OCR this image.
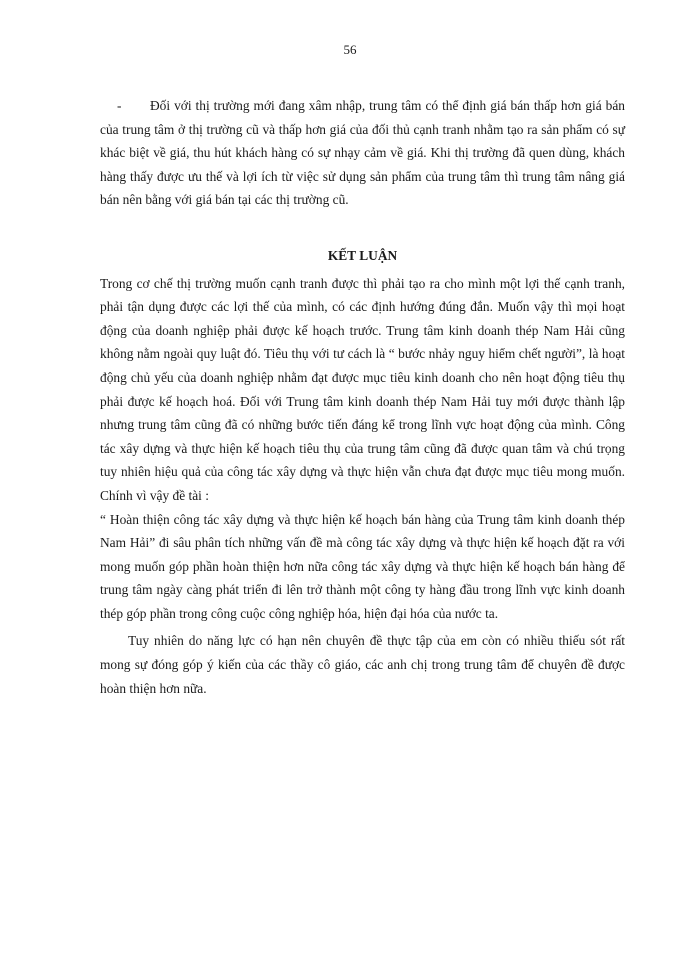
56

- Đối với thị trường mới đang xâm nhập, trung tâm có thể định giá bán thấp hơn giá bán của trung tâm ở thị trường cũ và thấp hơn giá của đối thủ cạnh tranh nhằm tạo ra sản phẩm có sự khác biệt về giá, thu hút khách hàng có sự nhạy cảm về giá. Khi thị trường đã quen dùng, khách hàng thấy được ưu thế và lợi ích từ việc sử dụng sản phẩm của trung tâm thì trung tâm nâng giá bán nên bằng với giá bán tại các thị trường cũ.

KẾT LUẬN

Trong cơ chế thị trường muốn cạnh tranh được thì phải tạo ra cho mình một lợi thế cạnh tranh, phải tận dụng được các lợi thế của mình, có các định hướng đúng đắn. Muốn vậy thì mọi hoạt động của doanh nghiệp phải được kế hoạch trước. Trung tâm kinh doanh thép Nam Hải cũng không nằm ngoài quy luật đó. Tiêu thụ với tư cách là “ bước nhảy nguy hiểm chết người”, là hoạt động chủ yếu của doanh nghiệp nhằm đạt được mục tiêu kinh doanh cho nên hoạt động tiêu thụ phải được kế hoạch hoá. Đối với Trung tâm kinh doanh thép Nam Hải tuy mới được thành lập nhưng trung tâm cũng đã có những bước tiến đáng kể trong lĩnh vực hoạt động của mình. Công tác xây dựng và thực hiện kế hoạch tiêu thụ của trung tâm cũng đã được quan tâm và chú trọng tuy nhiên hiệu quả của công tác xây dựng và thực hiện vẫn chưa đạt được mục tiêu mong muốn. Chính vì vậy đề tài :

“ Hoàn thiện công tác xây dựng và thực hiện kế hoạch bán hàng của Trung tâm kinh doanh thép Nam Hải” đi sâu phân tích những vấn đề mà công tác xây dựng và thực hiện kế hoạch đặt ra với mong muốn góp phần hoàn thiện hơn nữa công tác xây dựng và thực hiện kế hoạch bán hàng để trung tâm ngày càng phát triển đi lên trở thành một công ty hàng đầu trong lĩnh vực kinh doanh thép góp phần trong công cuộc công nghiệp hóa, hiện đại hóa của nước ta.

Tuy nhiên do năng lực có hạn nên chuyên đề thực tập của em còn có nhiều thiếu sót rất mong sự đóng góp ý kiến của các thầy cô giáo, các anh chị trong trung tâm để chuyên đề được hoàn thiện hơn nữa.
